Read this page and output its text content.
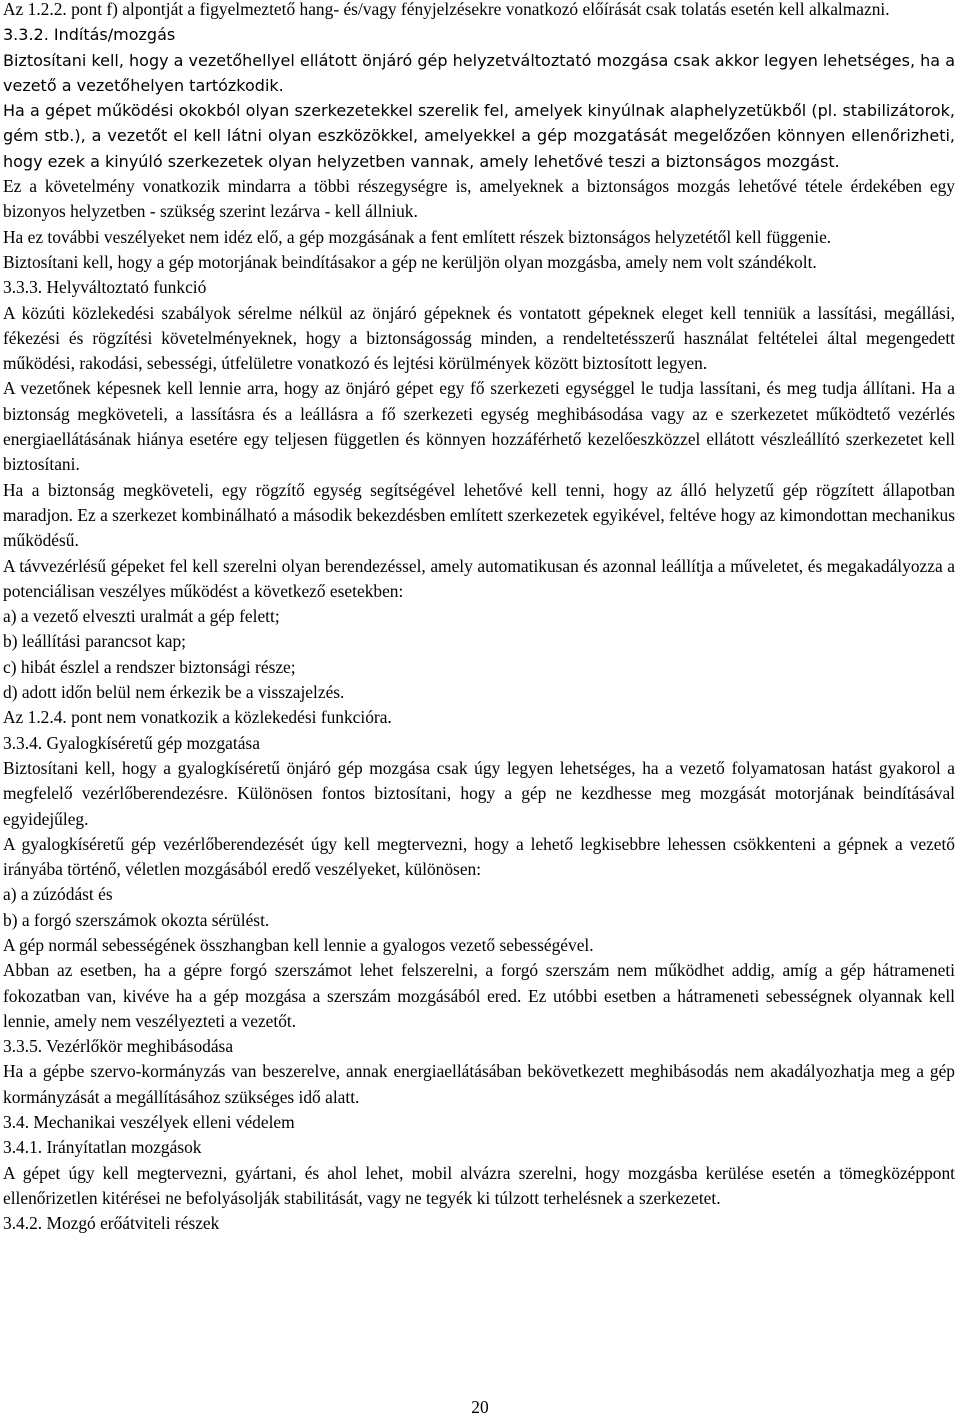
Az 1.2.2. pont f) alpontját a figyelmeztető hang- és/vagy fényjelzésekre vonatkozó előírását csak tolatás esetén kell alkalmazni.

3.3.2. Indítás/mozgás

Biztosítani kell, hogy a vezetőhellyel ellátott önjáró gép helyzetváltoztató mozgása csak akkor legyen lehetséges, ha a vezető a vezetőhelyen tartózkodik.

Ha a gépet működési okokból olyan szerkezetekkel szerelik fel, amelyek kinyúlnak alaphelyzetükből (pl. stabilizátorok, gém stb.), a vezetőt el kell látni olyan eszközökkel, amelyekkel a gép mozgatását megelőzően könnyen ellenőrizheti, hogy ezek a kinyúló szerkezetek olyan helyzetben vannak, amely lehetővé teszi a biztonságos mozgást.

Ez a követelmény vonatkozik mindarra a többi részegységre is, amelyeknek a biztonságos mozgás lehetővé tétele érdekében egy bizonyos helyzetben - szükség szerint lezárva - kell állniuk.

Ha ez további veszélyeket nem idéz elő, a gép mozgásának a fent említett részek biztonságos helyzetétől kell függenie.

Biztosítani kell, hogy a gép motorjának beindításakor a gép ne kerüljön olyan mozgásba, amely nem volt szándékolt.

3.3.3. Helyváltoztató funkció

A közúti közlekedési szabályok sérelme nélkül az önjáró gépeknek és vontatott gépeknek eleget kell tenniük a lassítási, megállási, fékezési és rögzítési követelményeknek, hogy a biztonságosság minden, a rendeltetésszerű használat feltételei által megengedett működési, rakodási, sebességi, útfelületre vonatkozó és lejtési körülmények között biztosított legyen.

A vezetőnek képesnek kell lennie arra, hogy az önjáró gépet egy fő szerkezeti egységgel le tudja lassítani, és meg tudja állítani. Ha a biztonság megköveteli, a lassításra és a leállásra a fő szerkezeti egység meghibásodása vagy az e szerkezetet működtető vezérlés energiaellátásának hiánya esetére egy teljesen független és könnyen hozzáférhető kezelőeszközzel ellátott vészleállító szerkezetet kell biztosítani.

Ha a biztonság megköveteli, egy rögzítő egység segítségével lehetővé kell tenni, hogy az álló helyzetű gép rögzített állapotban maradjon. Ez a szerkezet kombinálható a második bekezdésben említett szerkezetek egyikével, feltéve hogy az kimondottan mechanikus működésű.

A távvezérlésű gépeket fel kell szerelni olyan berendezéssel, amely automatikusan és azonnal leállítja a műveletet, és megakadályozza a potenciálisan veszélyes működést a következő esetekben:

a) a vezető elveszti uralmát a gép felett;

b) leállítási parancsot kap;

c) hibát észlel a rendszer biztonsági része;

d) adott időn belül nem érkezik be a visszajelzés.

Az 1.2.4. pont nem vonatkozik a közlekedési funkcióra.

3.3.4. Gyalogkíséretű gép mozgatása

Biztosítani kell, hogy a gyalogkíséretű önjáró gép mozgása csak úgy legyen lehetséges, ha a vezető folyamatosan hatást gyakorol a megfelelő vezérlőberendezésre. Különösen fontos biztosítani, hogy a gép ne kezdhesse meg mozgását motorjának beindításával egyidejűleg.

A gyalogkíséretű gép vezérlőberendezését úgy kell megtervezni, hogy a lehető legkisebbre lehessen csökkenteni a gépnek a vezető irányába történő, véletlen mozgásából eredő veszélyeket, különösen:

a) a zúzódást és

b) a forgó szerszámok okozta sérülést.

A gép normál sebességének összhangban kell lennie a gyalogos vezető sebességével.

Abban az esetben, ha a gépre forgó szerszámot lehet felszerelni, a forgó szerszám nem működhet addig, amíg a gép hátrameneti fokozatban van, kivéve ha a gép mozgása a szerszám mozgásából ered. Ez utóbbi esetben a hátrameneti sebességnek olyannak kell lennie, amely nem veszélyeztetі a vezetőt.

3.3.5. Vezérlőkör meghibásodása

Ha a gépbe szervo-kormányzás van beszerelve, annak energiaellátásában bekövetkezett meghibásodás nem akadályozhatja meg a gép kormányzását a megállításához szükséges idő alatt.

3.4. Mechanikai veszélyek elleni védelem

3.4.1. Irányítatlan mozgások

A gépet úgy kell megtervezni, gyártani, és ahol lehet, mobil alvázra szerelni, hogy mozgásba kerülése esetén a tömegközéppont ellenőrizetlen kitérései ne befolyásolják stabilitását, vagy ne tegyék ki túlzott terhelésnek a szerkezetet.

3.4.2. Mozgó erőátviteli részek

20
